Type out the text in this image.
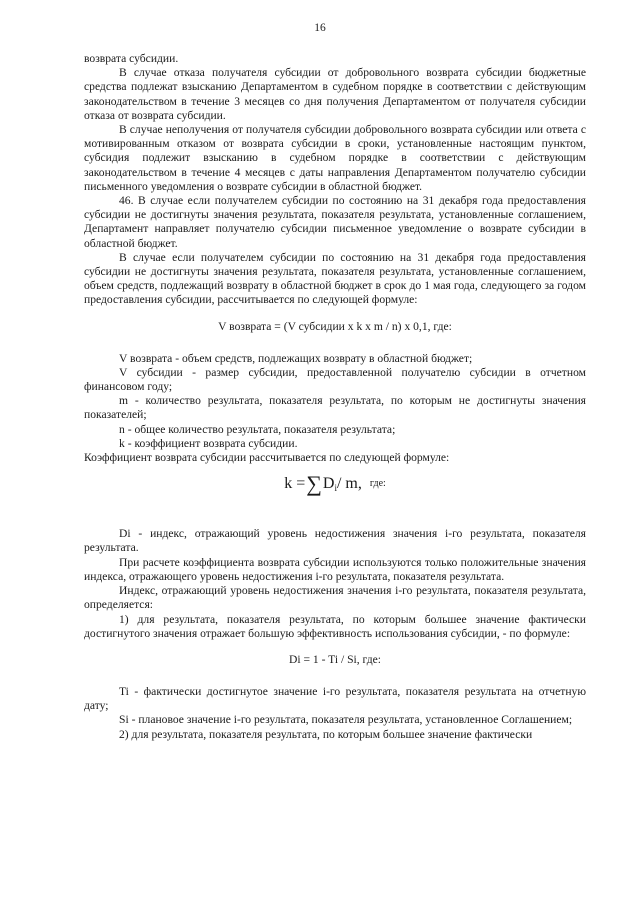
16

возврата субсидии.

В случае отказа получателя субсидии от добровольного возврата субсидии бюджетные средства подлежат взысканию Департаментом в судебном порядке в соответствии с действующим законодательством в течение 3 месяцев со дня получения Департаментом от получателя субсидии отказа от возврата субсидии.

В случае неполучения от получателя субсидии добровольного возврата субсидии или ответа с мотивированным отказом от возврата субсидии в сроки, установленные настоящим пунктом, субсидия подлежит взысканию в судебном порядке в соответствии с действующим законодательством в течение 4 месяцев с даты направления Департаментом получателю субсидии письменного уведомления о возврате субсидии в областной бюджет.

46. В случае если получателем субсидии по состоянию на 31 декабря года предоставления субсидии не достигнуты значения результата, показателя результата, установленные соглашением, Департамент направляет получателю субсидии письменное уведомление о возврате субсидии в областной бюджет.

В случае если получателем субсидии по состоянию на 31 декабря года предоставления субсидии не достигнуты значения результата, показателя результата, установленные соглашением, объем средств, подлежащий возврату в областной бюджет в срок до 1 мая года, следующего за годом предоставления субсидии, рассчитывается по следующей формуле:

V возврата = (V субсидии x k x m / n) x 0,1, где:

V возврата - объем средств, подлежащих возврату в областной бюджет;

V субсидии - размер субсидии, предоставленной получателю субсидии в отчетном финансовом году;

m - количество результата, показателя результата, по которым не достигнуты значения показателей;

n - общее количество результата, показателя результата;

k - коэффициент возврата субсидии.

Коэффициент возврата субсидии рассчитывается по следующей формуле:

k = ∑ D i / m, где:

Di - индекс, отражающий уровень недостижения значения i-го результата, показателя результата.

При расчете коэффициента возврата субсидии используются только положительные значения индекса, отражающего уровень недостижения i-го результата, показателя результата.

Индекс, отражающий уровень недостижения значения i-го результата, показателя результата, определяется:

1) для результата, показателя результата, по которым большее значение фактически достигнутого значения отражает большую эффективность использования субсидии, - по формуле:

Di = 1 - Ti / Si, где:

Ti - фактически достигнутое значение i-го результата, показателя результата на отчетную дату;

Si - плановое значение i-го результата, показателя результата, установленное Соглашением;

2) для результата, показателя результата, по которым большее значение фактически
